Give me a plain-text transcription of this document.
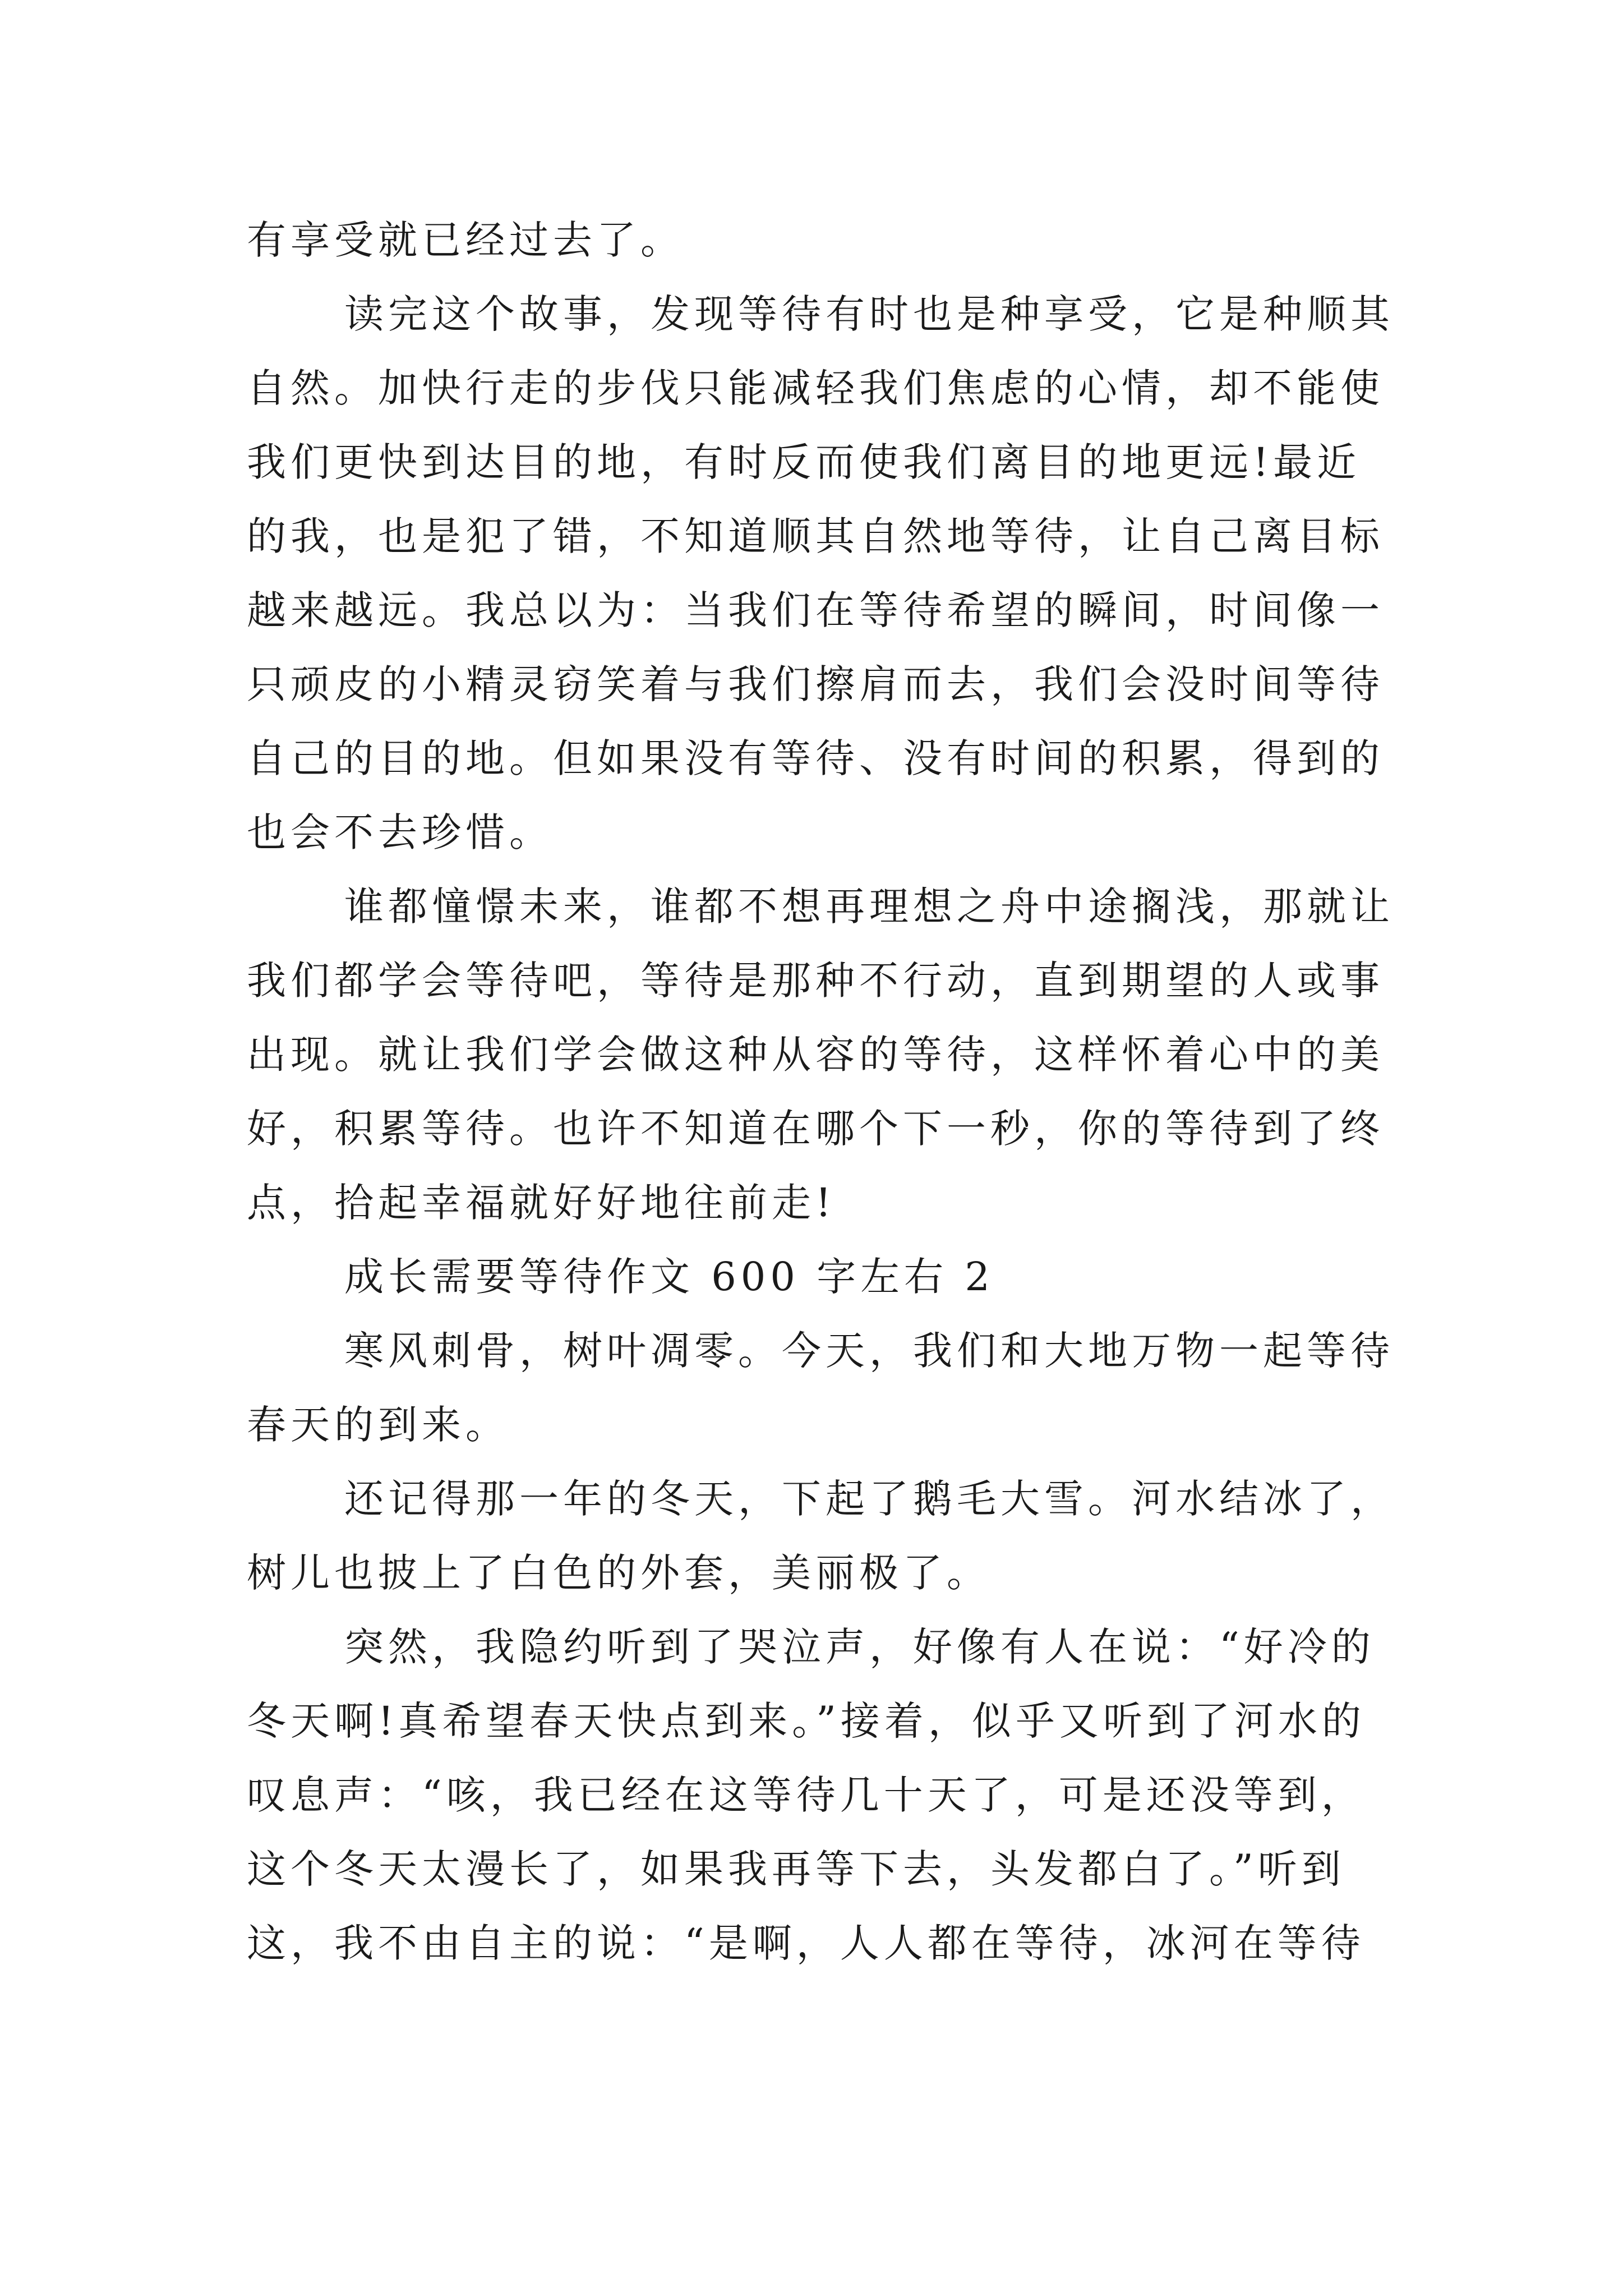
有享受就已经过去了。
读完这个故事，发现等待有时也是种享受，它是种顺其
自然。加快行走的步伐只能减轻我们焦虑的心情，却不能使
我们更快到达目的地，有时反而使我们离目的地更远!最近
的我，也是犯了错，不知道顺其自然地等待，让自己离目标
越来越远。我总以为：当我们在等待希望的瞬间，时间像一
只顽皮的小精灵窃笑着与我们擦肩而去，我们会没时间等待
自己的目的地。但如果没有等待、没有时间的积累，得到的
也会不去珍惜。
谁都憧憬未来，谁都不想再理想之舟中途搁浅，那就让
我们都学会等待吧，等待是那种不行动，直到期望的人或事
出现。就让我们学会做这种从容的等待，这样怀着心中的美
好，积累等待。也许不知道在哪个下一秒，你的等待到了终
点，拾起幸福就好好地往前走!
成长需要等待作文 600 字左右 2
寒风刺骨，树叶凋零。今天，我们和大地万物一起等待
春天的到来。
还记得那一年的冬天，下起了鹅毛大雪。河水结冰了，
树儿也披上了白色的外套，美丽极了。
突然，我隐约听到了哭泣声，好像有人在说：“好冷的
冬天啊!真希望春天快点到来。”接着，似乎又听到了河水的
叹息声：“咳，我已经在这等待几十天了，可是还没等到，
这个冬天太漫长了，如果我再等下去，头发都白了。”听到
这，我不由自主的说：“是啊，人人都在等待，冰河在等待
